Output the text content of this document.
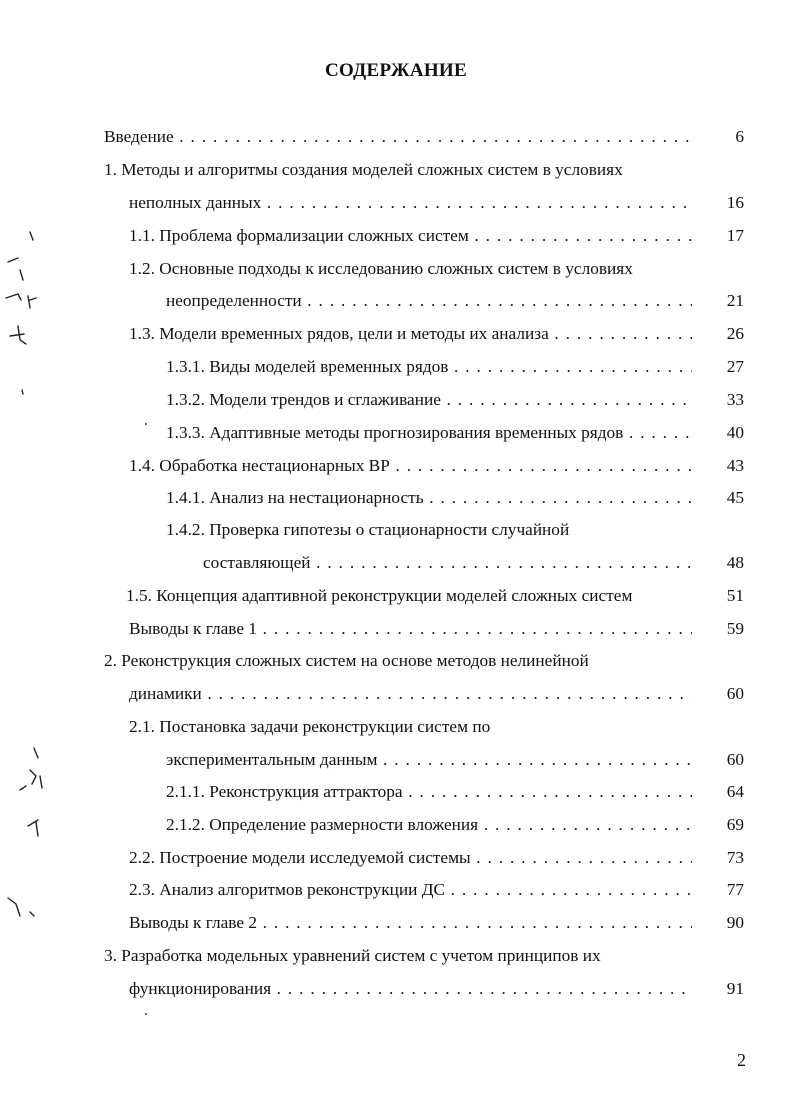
СОДЕРЖАНИЕ
Введение . . .	6
1. Методы и алгоритмы создания моделей сложных систем в условиях
неполных данных . . .	16
1.1. Проблема формализации сложных систем . . .	17
1.2. Основные подходы к исследованию сложных систем в условиях
неопределенности . . .	21
1.3. Модели временных рядов, цели и методы их анализа . . .	26
1.3.1. Виды моделей временных рядов . . .	27
1.3.2. Модели трендов и сглаживание . . .	33
1.3.3. Адаптивные методы прогнозирования временных рядов . . .	40
1.4. Обработка нестационарных ВР . . .	43
1.4.1. Анализ на нестационарность . . .	45
1.4.2. Проверка гипотезы о стационарности случайной
составляющей . . .	48
1.5. Концепция адаптивной реконструкции моделей сложных систем	51
Выводы к главе 1 . . .	59
2. Реконструкция сложных систем на основе методов нелинейной
динамики . . .	60
2.1. Постановка задачи реконструкции систем по
экспериментальным данным . . .	60
2.1.1. Реконструкция аттрактора . . .	64
2.1.2. Определение размерности вложения . . .	69
2.2. Построение модели исследуемой системы . . .	73
2.3. Анализ алгоритмов реконструкции ДС . . .	77
Выводы к главе 2 . . .	90
3. Разработка модельных уравнений систем с учетом принципов их
функционирования . . .	91
2
